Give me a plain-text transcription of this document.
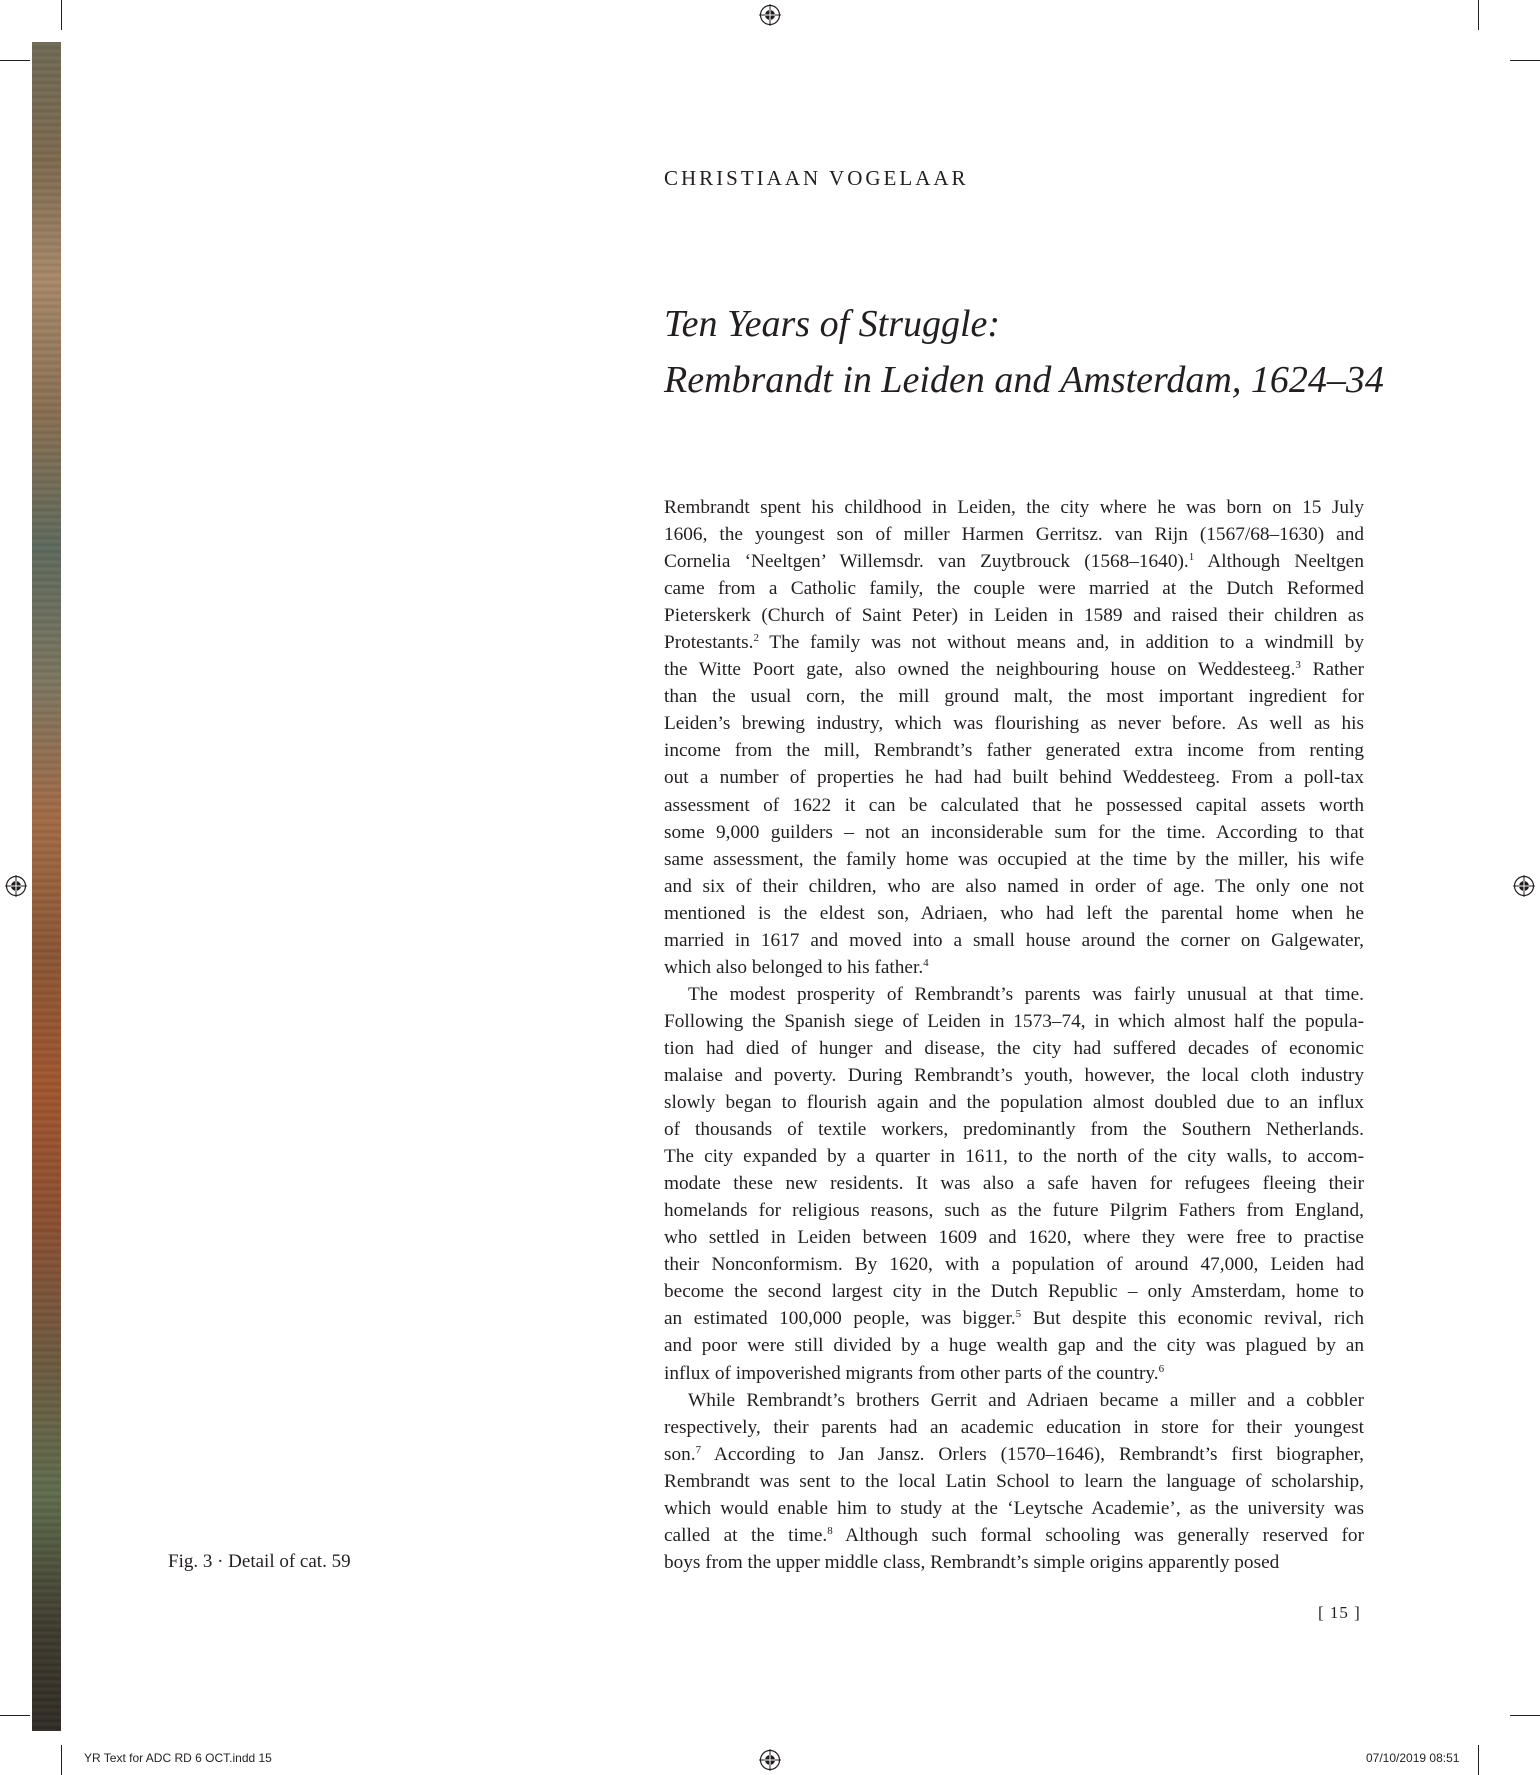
CHRISTIAAN VOGELAAR
Ten Years of Struggle:
Rembrandt in Leiden and Amsterdam, 1624–34

Rembrandt spent his childhood in Leiden, the city where he was born on 15 July
1606, the youngest son of miller Harmen Gerritsz. van Rijn (1567/68–1630) and
Cornelia ‘Neeltgen’ Willemsdr. van Zuytbrouck (1568–1640).$^1$ Although Neeltgen
came from a Catholic family, the couple were married at the Dutch Reformed
Pieterskerk (Church of Saint Peter) in Leiden in 1589 and raised their children as
Protestants.$^2$ The family was not without means and, in addition to a windmill by
the Witte Poort gate, also owned the neighbouring house on Weddesteeg.$^3$ Rather
than the usual corn, the mill ground malt, the most important ingredient for
Leiden’s brewing industry, which was flourishing as never before. As well as his
income from the mill, Rembrandt’s father generated extra income from renting
out a number of properties he had had built behind Weddesteeg. From a poll-tax
assessment of 1622 it can be calculated that he possessed capital assets worth
some 9,000 guilders – not an inconsiderable sum for the time. According to that
same assessment, the family home was occupied at the time by the miller, his wife
and six of their children, who are also named in order of age. The only one not
mentioned is the eldest son, Adriaen, who had left the parental home when he
married in 1617 and moved into a small house around the corner on Galgewater,
which also belonged to his father.$^4$

The modest prosperity of Rembrandt’s parents was fairly unusual at that time.
Following the Spanish siege of Leiden in 1573–74, in which almost half the popula-
tion had died of hunger and disease, the city had suffered decades of economic
malaise and poverty. During Rembrandt’s youth, however, the local cloth industry
slowly began to flourish again and the population almost doubled due to an influx
of thousands of textile workers, predominantly from the Southern Netherlands.
The city expanded by a quarter in 1611, to the north of the city walls, to accom-
modate these new residents. It was also a safe haven for refugees fleeing their
homelands for religious reasons, such as the future Pilgrim Fathers from England,
who settled in Leiden between 1609 and 1620, where they were free to practise
their Nonconformism. By 1620, with a population of around 47,000, Leiden had
become the second largest city in the Dutch Republic – only Amsterdam, home to
an estimated 100,000 people, was bigger.$^5$ But despite this economic revival, rich
and poor were still divided by a huge wealth gap and the city was plagued by an
influx of impoverished migrants from other parts of the country.$^6$

While Rembrandt’s brothers Gerrit and Adriaen became a miller and a cobbler
respectively, their parents had an academic education in store for their youngest
son.$^7$ According to Jan Jansz. Orlers (1570–1646), Rembrandt’s first biographer,
Rembrandt was sent to the local Latin School to learn the language of scholarship,
which would enable him to study at the ‘Leytsche Academie’, as the university was
called at the time.$^8$ Although such formal schooling was generally reserved for
boys from the upper middle class, Rembrandt’s simple origins apparently posed

Fig. 3 · Detail of cat. 59
[ 15 ]
YR Text for ADC RD 6 OCT.indd 15	07/10/2019 08:51
